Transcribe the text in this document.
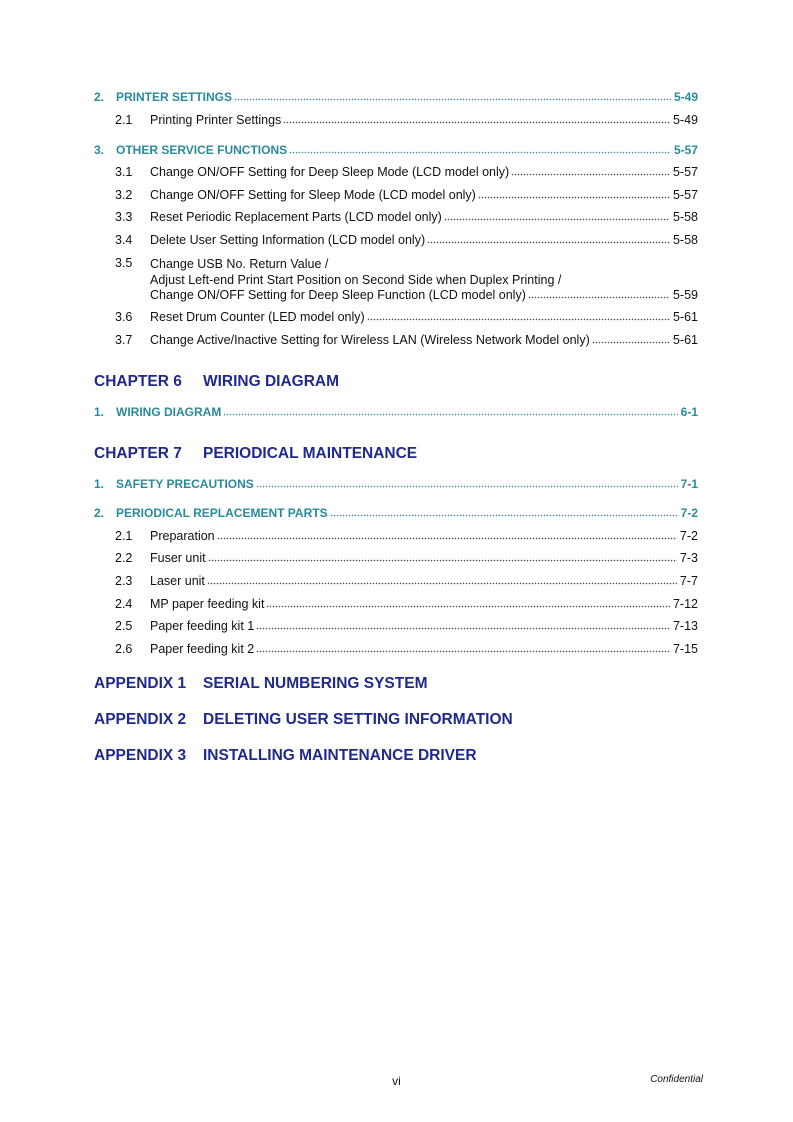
2. PRINTER SETTINGS	5-49
2.1	Printing Printer Settings	5-49
3. OTHER SERVICE FUNCTIONS	5-57
3.1	Change ON/OFF Setting for Deep Sleep Mode (LCD model only)	5-57
3.2	Change ON/OFF Setting for Sleep Mode (LCD model only)	5-57
3.3	Reset Periodic Replacement Parts (LCD model only)	5-58
3.4	Delete User Setting Information (LCD model only)	5-58
3.5 Change USB No. Return Value /
Adjust Left-end Print Start Position on Second Side when Duplex Printing /
Change ON/OFF Setting for Deep Sleep Function (LCD model only)	5-59
3.6	Reset Drum Counter (LED model only)	5-61
3.7	Change Active/Inactive Setting for Wireless LAN (Wireless Network Model only)	5-61
CHAPTER 6 WIRING DIAGRAM
1. WIRING DIAGRAM	6-1
CHAPTER 7 PERIODICAL MAINTENANCE
1. SAFETY PRECAUTIONS	7-1
2. PERIODICAL REPLACEMENT PARTS	7-2
2.1	Preparation	7-2
2.2	Fuser unit	7-3
2.3	Laser unit	7-7
2.4	MP paper feeding kit	7-12
2.5	Paper feeding kit 1	7-13
2.6	Paper feeding kit 2	7-15
APPENDIX 1 SERIAL NUMBERING SYSTEM
APPENDIX 2 DELETING USER SETTING INFORMATION
APPENDIX 3 INSTALLING MAINTENANCE DRIVER
vi	Confidential
